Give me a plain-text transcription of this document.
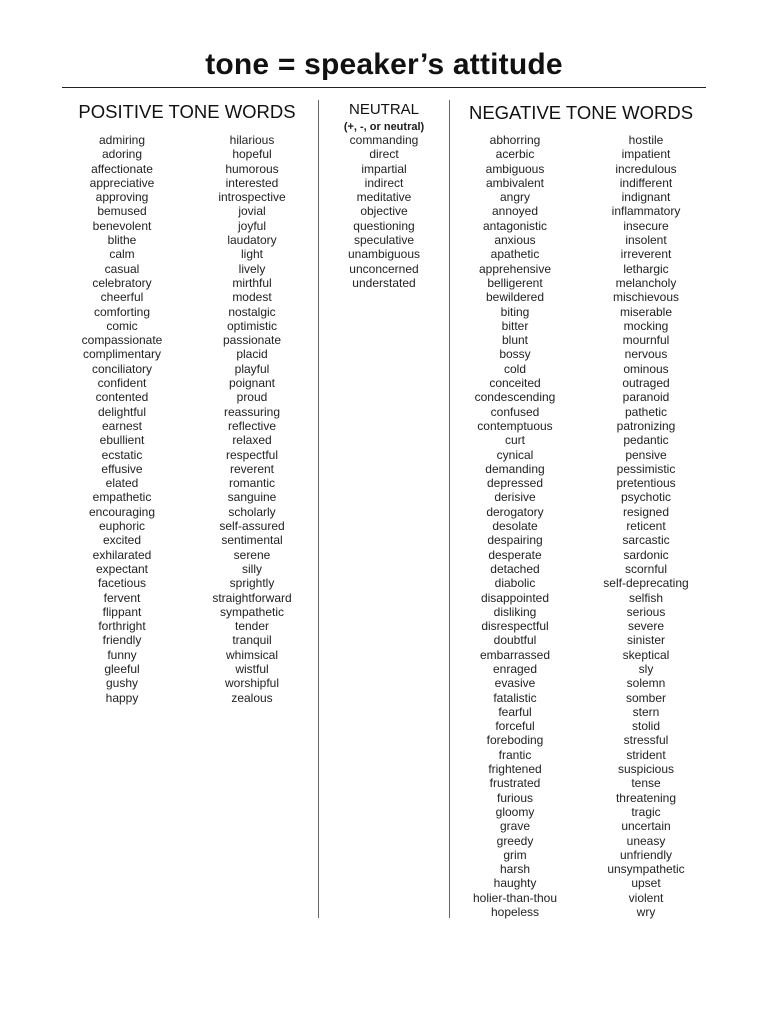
tone = speaker’s attitude
POSITIVE TONE WORDS	NEUTRAL
(+, -, or neutral)
NEGATIVE TONE WORDS
admiring
adoring
affectionate
appreciative
approving
bemused
benevolent
blithe
calm
casual
celebratory
cheerful
comforting
comic
compassionate
complimentary
conciliatory
confident
contented
delightful
earnest
ebullient
ecstatic
effusive
elated
empathetic
encouraging
euphoric
excited
exhilarated
expectant
facetious
fervent
flippant
forthright
friendly
funny
gleeful
gushy
happy
hilarious
hopeful
humorous
interested
introspective
jovial
joyful
laudatory
light
lively
mirthful
modest
nostalgic
optimistic
passionate
placid
playful
poignant
proud
reassuring
reflective
relaxed
respectful
reverent
romantic
sanguine
scholarly
self-assured
sentimental
serene
silly
sprightly
straightforward
sympathetic
tender
tranquil
whimsical
wistful
worshipful
zealous
commanding
direct
impartial
indirect
meditative
objective
questioning
speculative
unambiguous
unconcerned
understated
abhorring
acerbic
ambiguous
ambivalent
angry
annoyed
antagonistic
anxious
apathetic
apprehensive
belligerent
bewildered
biting
bitter
blunt
bossy
cold
conceited
condescending
confused
contemptuous
curt
cynical
demanding
depressed
derisive
derogatory
desolate
despairing
desperate
detached
diabolic
disappointed
disliking
disrespectful
doubtful
embarrassed
enraged
evasive
fatalistic
fearful
forceful
foreboding
frantic
frightened
frustrated
furious
gloomy
grave
greedy
grim
harsh
haughty
holier-than-thou
hopeless
hostile
impatient
incredulous
indifferent
indignant
inflammatory
insecure
insolent
irreverent
lethargic
melancholy
mischievous
miserable
mocking
mournful
nervous
ominous
outraged
paranoid
pathetic
patronizing
pedantic
pensive
pessimistic
pretentious
psychotic
resigned
reticent
sarcastic
sardonic
scornful
self-deprecating
selfish
serious
severe
sinister
skeptical
sly
solemn
somber
stern
stolid
stressful
strident
suspicious
tense
threatening
tragic
uncertain
uneasy
unfriendly
unsympathetic
upset
violent
wry
